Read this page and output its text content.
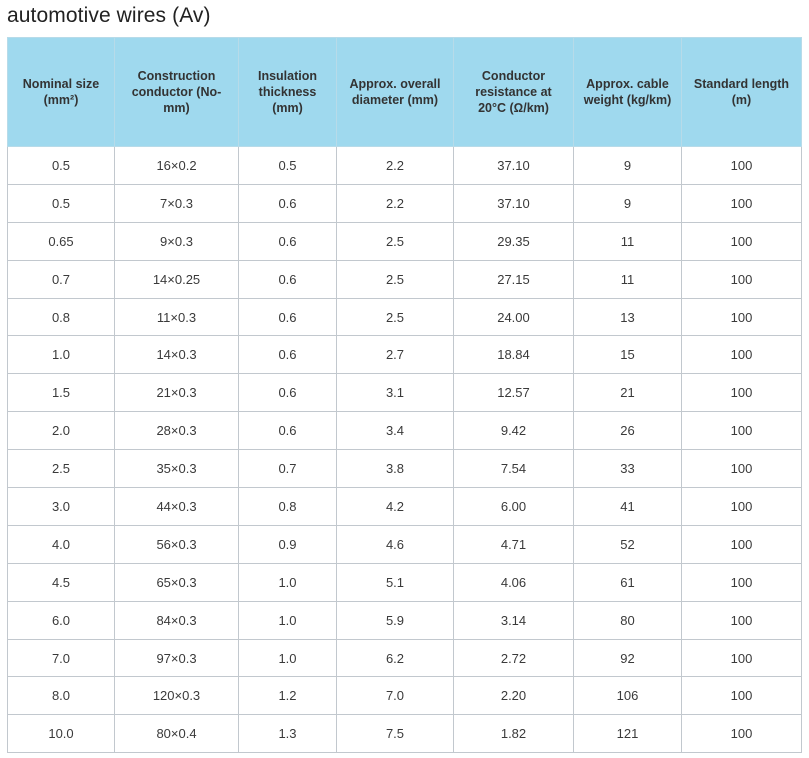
automotive wires (Av)
Nominal size (mm²)	Construction conductor (No-mm)	Insulation thickness (mm)	Approx. overall diameter (mm)	Conductor resistance at 20°C (Ω/km)	Approx. cable weight (kg/km)	Standard length (m)

0.5	16×0.2	0.5	2.2	37.10	9	100
0.5	7×0.3	0.6	2.2	37.10	9	100
0.65	9×0.3	0.6	2.5	29.35	11	100
0.7	14×0.25	0.6	2.5	27.15	11	100
0.8	11×0.3	0.6	2.5	24.00	13	100
1.0	14×0.3	0.6	2.7	18.84	15	100
1.5	21×0.3	0.6	3.1	12.57	21	100
2.0	28×0.3	0.6	3.4	9.42	26	100
2.5	35×0.3	0.7	3.8	7.54	33	100
3.0	44×0.3	0.8	4.2	6.00	41	100
4.0	56×0.3	0.9	4.6	4.71	52	100
4.5	65×0.3	1.0	5.1	4.06	61	100
6.0	84×0.3	1.0	5.9	3.14	80	100
7.0	97×0.3	1.0	6.2	2.72	92	100
8.0	120×0.3	1.2	7.0	2.20	106	100
10.0	80×0.4	1.3	7.5	1.82	121	100
